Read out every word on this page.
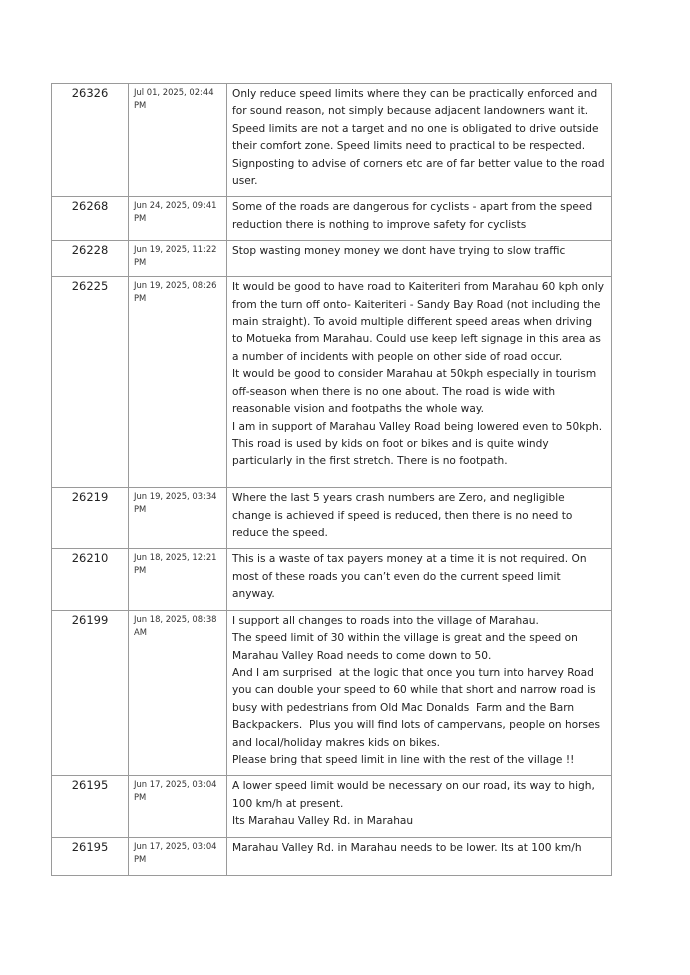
26326	Jul 01, 2025, 02:44 PM	Only reduce speed limits where they can be practically enforced and for sound reason, not simply because adjacent landowners want it. Speed limits are not a target and no one is obligated to drive outside their comfort zone. Speed limits need to practical to be respected. Signposting to advise of corners etc are of far better value to the road user.

26268	Jun 24, 2025, 09:41 PM	Some of the roads are dangerous for cyclists - apart from the speed reduction there is nothing to improve safety for cyclists

26228	Jun 19, 2025, 11:22 PM	Stop wasting money money we dont have trying to slow traffic

26225	Jun 19, 2025, 08:26 PM	It would be good to have road to Kaiteriteri from Marahau 60 kph only from the turn off onto- Kaiteriteri - Sandy Bay Road (not including the main straight). To avoid multiple different speed areas when driving to Motueka from Marahau. Could use keep left signage in this area as a number of incidents with people on other side of road occur.
It would be good to consider Marahau at 50kph especially in tourism off-season when there is no one about. The road is wide with reasonable vision and footpaths the whole way.
I am in support of Marahau Valley Road being lowered even to 50kph. This road is used by kids on foot or bikes and is quite windy particularly in the first stretch. There is no footpath.

26219	Jun 19, 2025, 03:34 PM	Where the last 5 years crash numbers are Zero, and negligible change is achieved if speed is reduced, then there is no need to reduce the speed.

26210	Jun 18, 2025, 12:21 PM	This is a waste of tax payers money at a time it is not required. On most of these roads you can’t even do the current speed limit anyway.

26199	Jun 18, 2025, 08:38 AM	I support all changes to roads into the village of Marahau.
The speed limit of 30 within the village is great and the speed on Marahau Valley Road needs to come down to 50.
And I am surprised  at the logic that once you turn into harvey Road you can double your speed to 60 while that short and narrow road is busy with pedestrians from Old Mac Donalds  Farm and the Barn Backpackers.  Plus you will find lots of campervans, people on horses and local/holiday makres kids on bikes.
Please bring that speed limit in line with the rest of the village !!

26195	Jun 17, 2025, 03:04 PM	A lower speed limit would be necessary on our road, its way to high, 100 km/h at present.
Its Marahau Valley Rd. in Marahau

26195	Jun 17, 2025, 03:04 PM	Marahau Valley Rd. in Marahau needs to be lower. Its at 100 km/h
